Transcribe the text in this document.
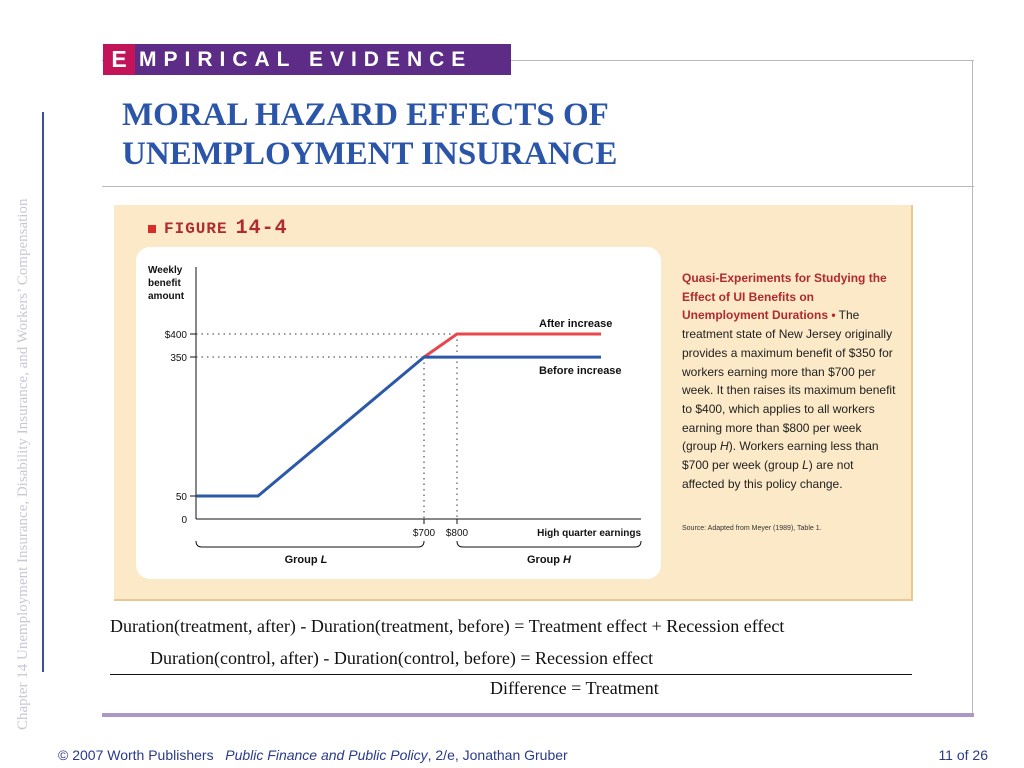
Chapter 14 Unemployment Insurance, Disability Insurance, and Workers’ Compensation
E MPIRICAL EVIDENCE
MORAL HAZARD EFFECTS OF
UNEMPLOYMENT INSURANCE
FIGURE 14-4
Weekly
benefit
amount
$400
350
50
0
$700 $800	High quarter earnings
After increase
Before increase
Group L	Group H
Quasi-Experiments for Studying the Effect of UI Benefits on Unemployment Durations • The treatment state of New Jersey originally provides a maximum benefit of $350 for workers earning more than $700 per week. It then raises its maximum benefit to $400, which applies to all workers earning more than $800 per week (group H). Workers earning less than $700 per week (group L) are not affected by this policy change.
Source: Adapted from Meyer (1989), Table 1.
Duration(treatment, after) - Duration(treatment, before) = Treatment effect + Recession effect
Duration(control, after) - Duration(control, before) = Recession effect
Difference = Treatment
© 2007 Worth Publishers Public Finance and Public Policy, 2/e, Jonathan Gruber	11 of 26
